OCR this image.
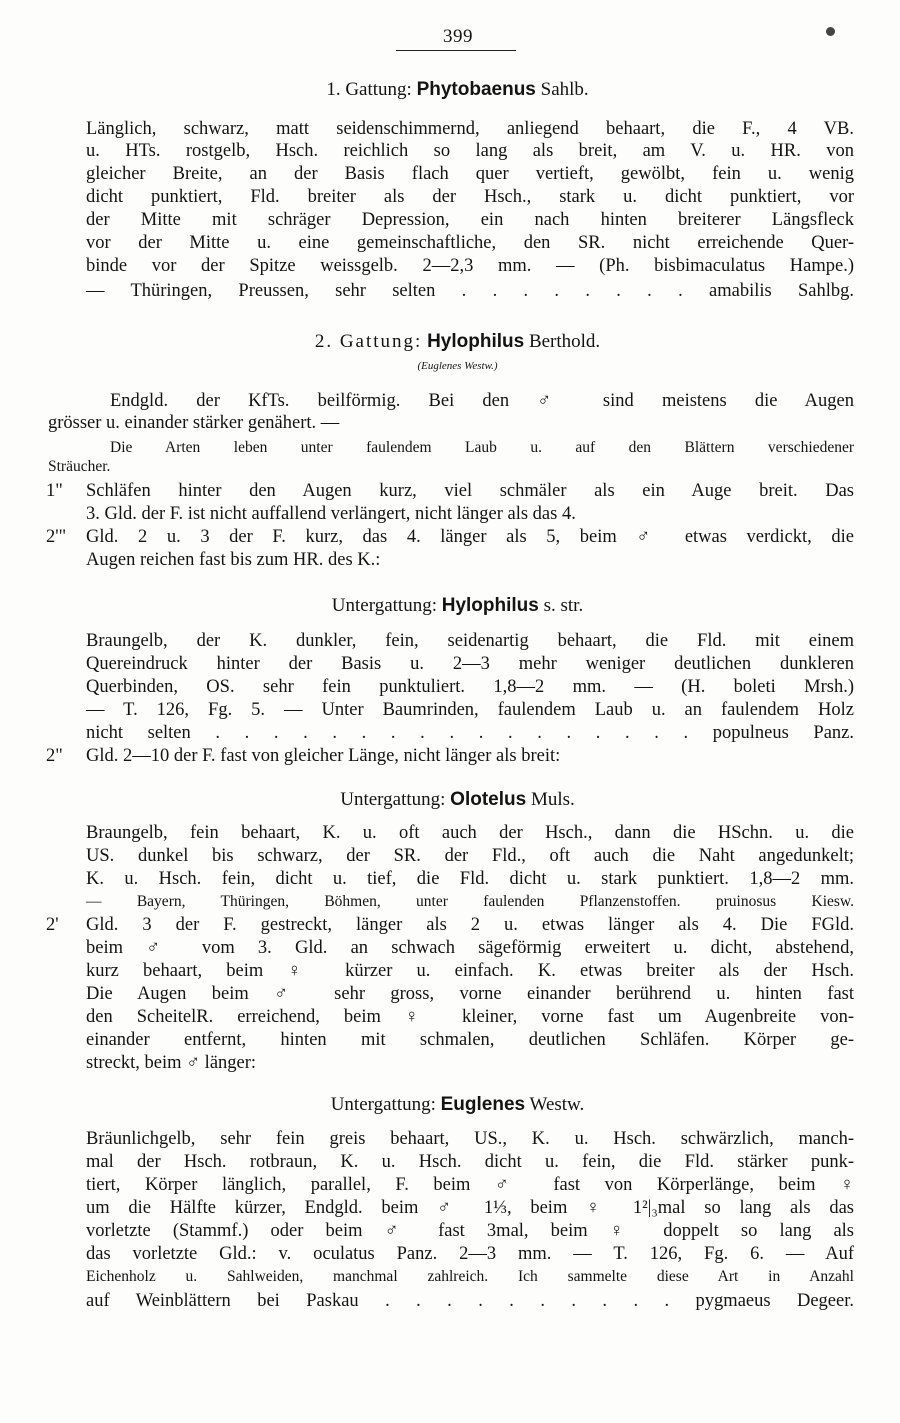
399
1. Gattung: Phytobaenus Sahlb.
Länglich, schwarz, matt seidenschimmernd, anliegend behaart, die F., 4 VB.
u. HTs. rostgelb, Hsch. reichlich so lang als breit, am V. u. HR. von
gleicher Breite, an der Basis flach quer vertieft, gewölbt, fein u. wenig
dicht punktiert, Fld. breiter als der Hsch., stark u. dicht punktiert, vor
der Mitte mit schräger Depression, ein nach hinten breiterer Längsfleck
vor der Mitte u. eine gemeinschaftliche, den SR. nicht erreichende Quer-
binde vor der Spitze weissgelb. 2—2,3 mm. — (Ph. bisbimaculatus Hampe.)
— Thüringen, Preussen, sehr selten . . . . . . . . amabilis Sahlbg.
2. Gattung: Hylophilus Berthold.
(Euglenes Westw.)
Endgld. der KfTs. beilförmig. Bei den ♂ sind meistens die Augen
grösser u. einander stärker genähert. —
Die Arten leben unter faulendem Laub u. auf den Blättern verschiedener
Sträucher.
1" Schläfen hinter den Augen kurz, viel schmäler als ein Auge breit. Das
3. Gld. der F. ist nicht auffallend verlängert, nicht länger als das 4.
2'" Gld. 2 u. 3 der F. kurz, das 4. länger als 5, beim ♂ etwas verdickt, die
Augen reichen fast bis zum HR. des K.:
Untergattung: Hylophilus s. str.
Braungelb, der K. dunkler, fein, seidenartig behaart, die Fld. mit einem
Quereindruck hinter der Basis u. 2—3 mehr weniger deutlichen dunkleren
Querbinden, OS. sehr fein punktuliert. 1,8—2 mm. — (H. boleti Mrsh.)
— T. 126, Fg. 5. — Unter Baumrinden, faulendem Laub u. an faulendem Holz
nicht selten . . . . . . . . . . . . . . . . . populneus Panz.
2" Gld. 2—10 der F. fast von gleicher Länge, nicht länger als breit:
Untergattung: Olotelus Muls.
Braungelb, fein behaart, K. u. oft auch der Hsch., dann die HSchn. u. die
US. dunkel bis schwarz, der SR. der Fld., oft auch die Naht angedunkelt;
K. u. Hsch. fein, dicht u. tief, die Fld. dicht u. stark punktiert. 1,8—2 mm.
— Bayern, Thüringen, Böhmen, unter faulenden Pflanzenstoffen. pruinosus Kiesw.
2' Gld. 3 der F. gestreckt, länger als 2 u. etwas länger als 4. Die FGld.
beim ♂ vom 3. Gld. an schwach sägeförmig erweitert u. dicht, abstehend,
kurz behaart, beim ♀ kürzer u. einfach. K. etwas breiter als der Hsch.
Die Augen beim ♂ sehr gross, vorne einander berührend u. hinten fast
den ScheitelR. erreichend, beim ♀ kleiner, vorne fast um Augenbreite von-
einander entfernt, hinten mit schmalen, deutlichen Schläfen. Körper ge-
streckt, beim ♂ länger:
Untergattung: Euglenes Westw.
Bräunlichgelb, sehr fein greis behaart, US., K. u. Hsch. schwärzlich, manch-
mal der Hsch. rotbraun, K. u. Hsch. dicht u. fein, die Fld. stärker punk-
tiert, Körper länglich, parallel, F. beim ♂ fast von Körperlänge, beim ♀
um die Hälfte kürzer, Endgld. beim ♂ 1⅓, beim ♀ 1²|₃mal so lang als das
vorletzte (Stammf.) oder beim ♂ fast 3mal, beim ♀ doppelt so lang als
das vorletzte Gld.: v. oculatus Panz. 2—3 mm. — T. 126, Fg. 6. — Auf
Eichenholz u. Sahlweiden, manchmal zahlreich. Ich sammelte diese Art in Anzahl
auf Weinblättern bei Paskau . . . . . . . . . . pygmaeus Degeer.
